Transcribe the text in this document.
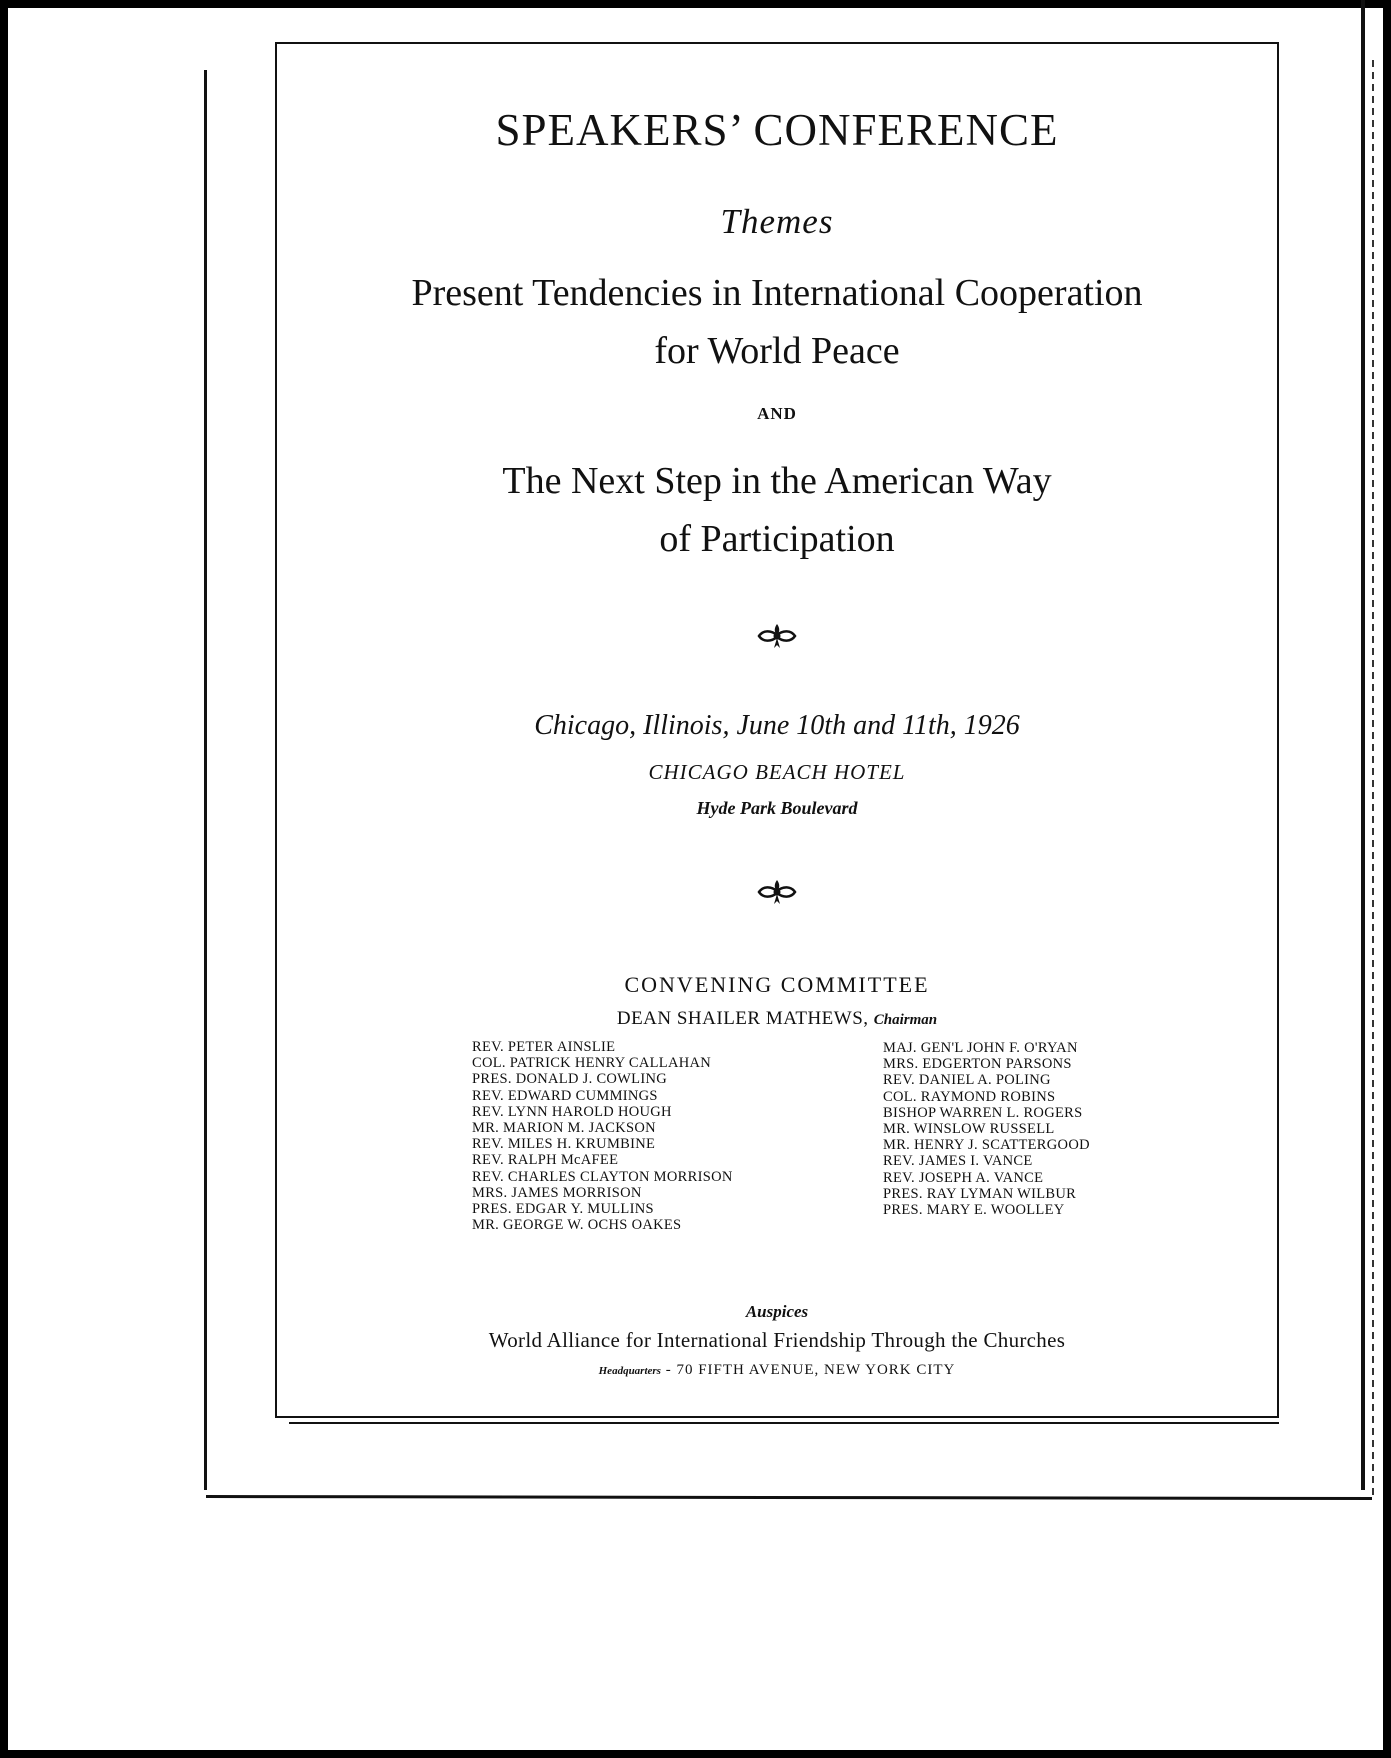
SPEAKERS’ CONFERENCE
Themes
Present Tendencies in International Cooperation
for World Peace
AND
The Next Step in the American Way
of Participation
Chicago, Illinois, June 10th and 11th, 1926
CHICAGO BEACH HOTEL
Hyde Park Boulevard
CONVENING COMMITTEE
DEAN SHAILER MATHEWS, Chairman
REV. PETER AINSLIE
COL. PATRICK HENRY CALLAHAN
PRES. DONALD J. COWLING
REV. EDWARD CUMMINGS
REV. LYNN HAROLD HOUGH
MR. MARION M. JACKSON
REV. MILES H. KRUMBINE
REV. RALPH McAFEE
REV. CHARLES CLAYTON MORRISON
MRS. JAMES MORRISON
PRES. EDGAR Y. MULLINS
MR. GEORGE W. OCHS OAKES
MAJ. GEN'L JOHN F. O'RYAN
MRS. EDGERTON PARSONS
REV. DANIEL A. POLING
COL. RAYMOND ROBINS
BISHOP WARREN L. ROGERS
MR. WINSLOW RUSSELL
MR. HENRY J. SCATTERGOOD
REV. JAMES I. VANCE
REV. JOSEPH A. VANCE
PRES. RAY LYMAN WILBUR
PRES. MARY E. WOOLLEY
Auspices
World Alliance for International Friendship Through the Churches
Headquarters - 70 FIFTH AVENUE, NEW YORK CITY
